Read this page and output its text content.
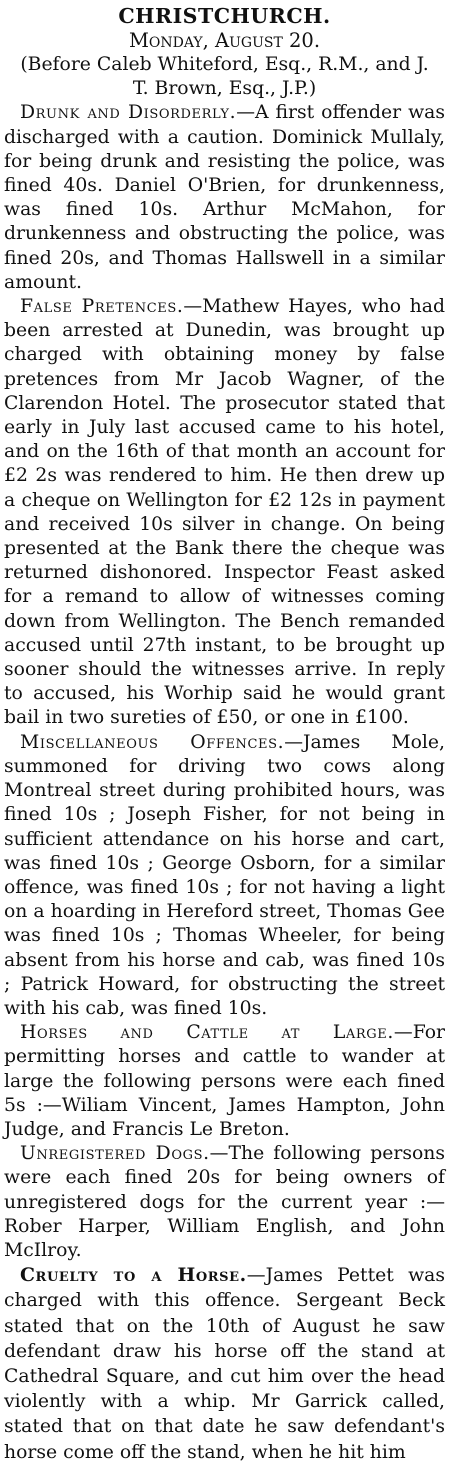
CHRISTCHURCH.

Monday, August 20.

(Before Caleb Whiteford, Esq., R.M., and J. T. Brown, Esq., J.P.)

Drunk and Disorderly.—A first offender was discharged with a caution. Dominick Mullaly, for being drunk and resisting the police, was fined 40s. Daniel O'Brien, for drunkenness, was fined 10s. Arthur McMahon, for drunkenness and obstructing the police, was fined 20s, and Thomas Hallswell in a similar amount.

False Pretences.—Mathew Hayes, who had been arrested at Dunedin, was brought up charged with obtaining money by false pretences from Mr Jacob Wagner, of the Clarendon Hotel. The prosecutor stated that early in July last accused came to his hotel, and on the 16th of that month an account for £2 2s was rendered to him. He then drew up a cheque on Wellington for £2 12s in payment and received 10s silver in change. On being presented at the Bank there the cheque was returned dishonored. Inspector Feast asked for a remand to allow of witnesses coming down from Wellington. The Bench remanded accused until 27th instant, to be brought up sooner should the witnesses arrive. In reply to accused, his Worhip said he would grant bail in two sureties of £50, or one in £100.

Miscellaneous Offences.—James Mole, summoned for driving two cows along Montreal street during prohibited hours, was fined 10s ; Joseph Fisher, for not being in sufficient attendance on his horse and cart, was fined 10s ; George Osborn, for a similar offence, was fined 10s ; for not having a light on a hoarding in Hereford street, Thomas Gee was fined 10s ; Thomas Wheeler, for being absent from his horse and cab, was fined 10s ; Patrick Howard, for obstructing the street with his cab, was fined 10s.

Horses and Cattle at Large.—For permitting horses and cattle to wander at large the following persons were each fined 5s :—Wiliam Vincent, James Hampton, John Judge, and Francis Le Breton.

Unregistered Dogs.—The following persons were each fined 20s for being owners of unregistered dogs for the current year :—Rober Harper, William English, and John McIlroy.

Cruelty to a Horse.—James Pettet was charged with this offence. Sergeant Beck stated that on the 10th of August he saw defendant draw his horse off the stand at Cathedral Square, and cut him over the head violently with a whip. Mr Garrick called, stated that on that date he saw defendant's horse come off the stand, when he hit him
